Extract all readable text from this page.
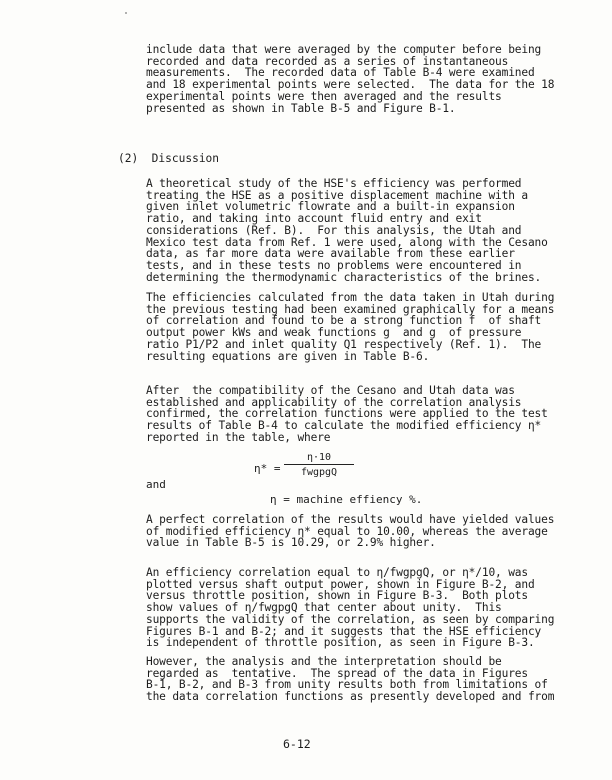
include data that were averaged by the computer before being
recorded and data recorded as a series of instantaneous
measurements.  The recorded data of Table B-4 were examined
and 18 experimental points were selected.  The data for the 18
experimental points were then averaged and the results
presented as shown in Table B-5 and Figure B-1.

(2)  Discussion

A theoretical study of the HSE's efficiency was performed
treating the HSE as a positive displacement machine with a
given inlet volumetric flowrate and a built-in expansion
ratio, and taking into account fluid entry and exit
considerations (Ref. B).  For this analysis, the Utah and
Mexico test data from Ref. 1 were used, along with the Cesano
data, as far more data were available from these earlier
tests, and in these tests no problems were encountered in
determining the thermodynamic characteristics of the brines.

The efficiencies calculated from the data taken in Utah during
the previous testing had been examined graphically for a means
of correlation and found to be a strong function f  of shaft
output power kWs and weak functions g  and g  of pressure
ratio P1/P2 and inlet quality Q1 respectively (Ref. 1).  The
resulting equations are given in Table B-6.

After  the compatibility of the Cesano and Utah data was
established and applicability of the correlation analysis
confirmed, the correlation functions were applied to the test
results of Table B-4 to calculate the modified efficiency η*
reported in the table, where

η* =
η·10
fwgpgQ
and
η = machine effiency %.

A perfect correlation of the results would have yielded values
of modified efficiency η* equal to 10.00, whereas the average
value in Table B-5 is 10.29, or 2.9% higher.

An efficiency correlation equal to η/fwgpgQ, or η*/10, was
plotted versus shaft output power, shown in Figure B-2, and
versus throttle position, shown in Figure B-3.  Both plots
show values of η/fwgpgQ that center about unity.  This
supports the validity of the correlation, as seen by comparing
Figures B-1 and B-2; and it suggests that the HSE efficiency
is independent of throttle position, as seen in Figure B-3.

However, the analysis and the interpretation should be
regarded as  tentative.  The spread of the data in Figures
B-1, B-2, and B-3 from unity results both from limitations of
the data correlation functions as presently developed and from

6-12
